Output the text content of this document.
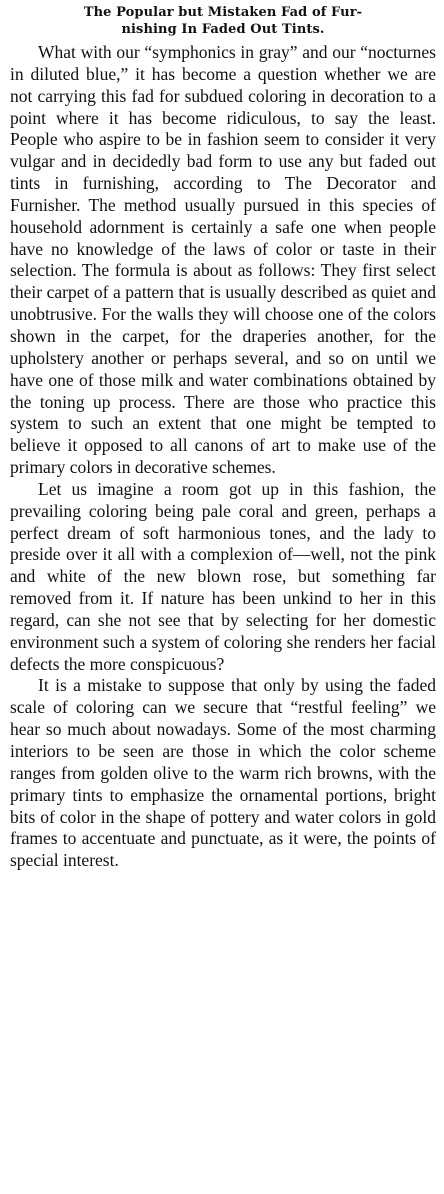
The Popular but Mistaken Fad of Fur-
nishing In Faded Out Tints.

What with our “symphonics in gray” and our “nocturnes in diluted blue,” it has become a question whether we are not carrying this fad for subdued coloring in decoration to a point where it has become ridiculous, to say the least. People who aspire to be in fashion seem to consider it very vulgar and in decidedly bad form to use any but faded out tints in furnishing, according to The Decorator and Furnisher. The method usually pursued in this species of household adornment is certainly a safe one when people have no knowledge of the laws of color or taste in their selection. The formula is about as follows: They first select their carpet of a pattern that is usually described as quiet and unobtrusive. For the walls they will choose one of the colors shown in the carpet, for the draperies another, for the upholstery another or perhaps several, and so on until we have one of those milk and water combinations obtained by the toning up process. There are those who practice this system to such an extent that one might be tempted to believe it opposed to all canons of art to make use of the primary colors in decorative schemes.

Let us imagine a room got up in this fashion, the prevailing coloring being pale coral and green, perhaps a perfect dream of soft harmonious tones, and the lady to preside over it all with a complexion of—well, not the pink and white of the new blown rose, but something far removed from it. If nature has been unkind to her in this regard, can she not see that by selecting for her domestic environment such a system of coloring she renders her facial defects the more conspicuous?

It is a mistake to suppose that only by using the faded scale of coloring can we secure that “restful feeling” we hear so much about nowadays. Some of the most charming interiors to be seen are those in which the color scheme ranges from golden olive to the warm rich browns, with the primary tints to emphasize the ornamental portions, bright bits of color in the shape of pottery and water colors in gold frames to accentuate and punctuate, as it were, the points of special interest.
